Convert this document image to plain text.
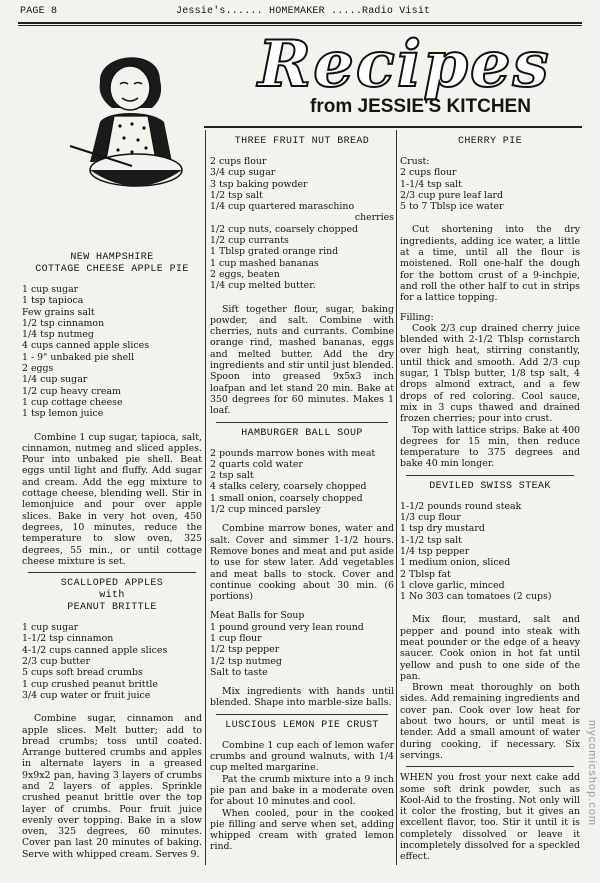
PAGE 8	Jessie's...... HOMEMAKER .....Radio Visit
Recipes
from JESSIE'S KITCHEN

NEW HAMPSHIRE

COTTAGE CHEESE APPLE PIE

1 cup sugar

1 tsp tapioca

Few grains salt

1/2 tsp cinnamon

1/4 tsp nutmeg

4 cups canned apple slices

1 - 9" unbaked pie shell

2 eggs

1/4 cup sugar

1/2 cup heavy cream

1 cup cottage cheese

1 tsp lemon juice

Combine 1 cup sugar, tapioca, salt, cinnamon, nutmeg and sliced apples. Pour into unbaked pie shell. Beat eggs until light and fluffy. Add sugar and cream. Add the egg mixture to cottage cheese, blending well. Stir in lemonjuice and pour over apple slices. Bake in very hot oven, 450 degrees, 10 minutes, reduce the temperature to slow oven, 325 degrees, 55 min., or until cottage cheese mixture is set.

SCALLOPED APPLES

with

PEANUT BRITTLE

1 cup sugar

1-1/2 tsp cinnamon

4-1/2 cups canned apple slices

2/3 cup butter

5 cups soft bread crumbs

1 cup crushed peanut brittle

3/4 cup water or fruit juice

Combine sugar, cinnamon and apple slices. Melt butter; add to bread crumbs; toss until coated. Arrange buttered crumbs and apples in alternate layers in a greased 9x9x2 pan, having 3 layers of crumbs and 2 layers of apples. Sprinkle crushed peanut brittle over the top layer of crumbs. Pour fruit juice evenly over topping. Bake in a slow oven, 325 degrees, 60 minutes. Cover pan last 20 minutes of baking. Serve with whipped cream. Serves 9.

THREE FRUIT NUT BREAD

2 cups flour

3/4 cup sugar

3 tsp baking powder

1/2 tsp salt

1/4 cup quartered maraschino

cherries

1/2 cup nuts, coarsely chopped

1/2 cup currants

1 Tblsp grated orange rind

1 cup mashed bananas

2 eggs, beaten

1/4 cup melted butter.

Sift together flour, sugar, baking powder, and salt. Combine with cherries, nuts and currants. Combine orange rind, mashed bananas, eggs and melted butter. Add the dry ingredients and stir until just blended. Spoon into greased 9x5x3 inch loafpan and let stand 20 min. Bake at 350 degrees for 60 minutes. Makes 1 loaf.

HAMBURGER BALL SOUP

2 pounds marrow bones with meat

2 quarts cold water

2 tsp salt

4 stalks celery, coarsely chopped

1 small onion, coarsely chopped

1/2 cup minced parsley

Combine marrow bones, water and salt. Cover and simmer 1-1/2 hours. Remove bones and meat and put aside to use for stew later. Add vegetables and meat balls to stock. Cover and continue cooking about 30 min. (6 portions)

Meat Balls for Soup

1 pound ground very lean round

1 cup flour

1/2 tsp pepper

1/2 tsp nutmeg

Salt to taste

Mix ingredients with hands until blended. Shape into marble-size balls.

LUSCIOUS LEMON PIE CRUST

Combine 1 cup each of lemon wafer crumbs and ground walnuts, with 1/4 cup melted margarine.

Pat the crumb mixture into a 9 inch pie pan and bake in a moderate oven for about 10 minutes and cool.

When cooled, pour in the cooked pie filling and serve when set, adding whipped cream with grated lemon rind.

CHERRY PIE

Crust:

2 cups flour

1-1/4 tsp salt

2/3 cup pure leaf lard

5 to 7 Tblsp ice water

Cut shortening into the dry ingredients, adding ice water, a little at a time, until all the flour is moistened. Roll one-half the dough for the bottom crust of a 9-inchpie, and roll the other half to cut in strips for a lattice topping.

Filling:

Cook 2/3 cup drained cherry juice blended with 2-1/2 Tblsp cornstarch over high heat, stirring constantly, until thick and smooth. Add 2/3 cup sugar, 1 Tblsp butter, 1/8 tsp salt, 4 drops almond extract, and a few drops of red coloring. Cool sauce, mix in 3 cups thawed and drained frozen cherries; pour into crust.

Top with lattice strips. Bake at 400 degrees for 15 min, then reduce temperature to 375 degrees and bake 40 min longer.

DEVILED SWISS STEAK

1-1/2 pounds round steak

1/3 cup flour

1 tsp dry mustard

1-1/2 tsp salt

1/4 tsp pepper

1 medium onion, sliced

2 Tblsp fat

1 clove garlic, minced

1 No 303 can tomatoes (2 cups)

Mix flour, mustard, salt and pepper and pound into steak with meat pounder or the edge of a heavy saucer. Cook onion in hot fat until yellow and push to one side of the pan.

Brown meat thoroughly on both sides. Add remaining ingredients and cover pan. Cook over low heat for about two hours, or until meat is tender. Add a small amount of water during cooking, if necessary. Six servings.

WHEN you frost your next cake add some soft drink powder, such as Kool-Aid to the frosting. Not only will it color the frosting, but it gives an excellent flavor, too. Stir it until it is completely dissolved or leave it incompletely dissolved for a speckled effect.

mycomicshop.com
